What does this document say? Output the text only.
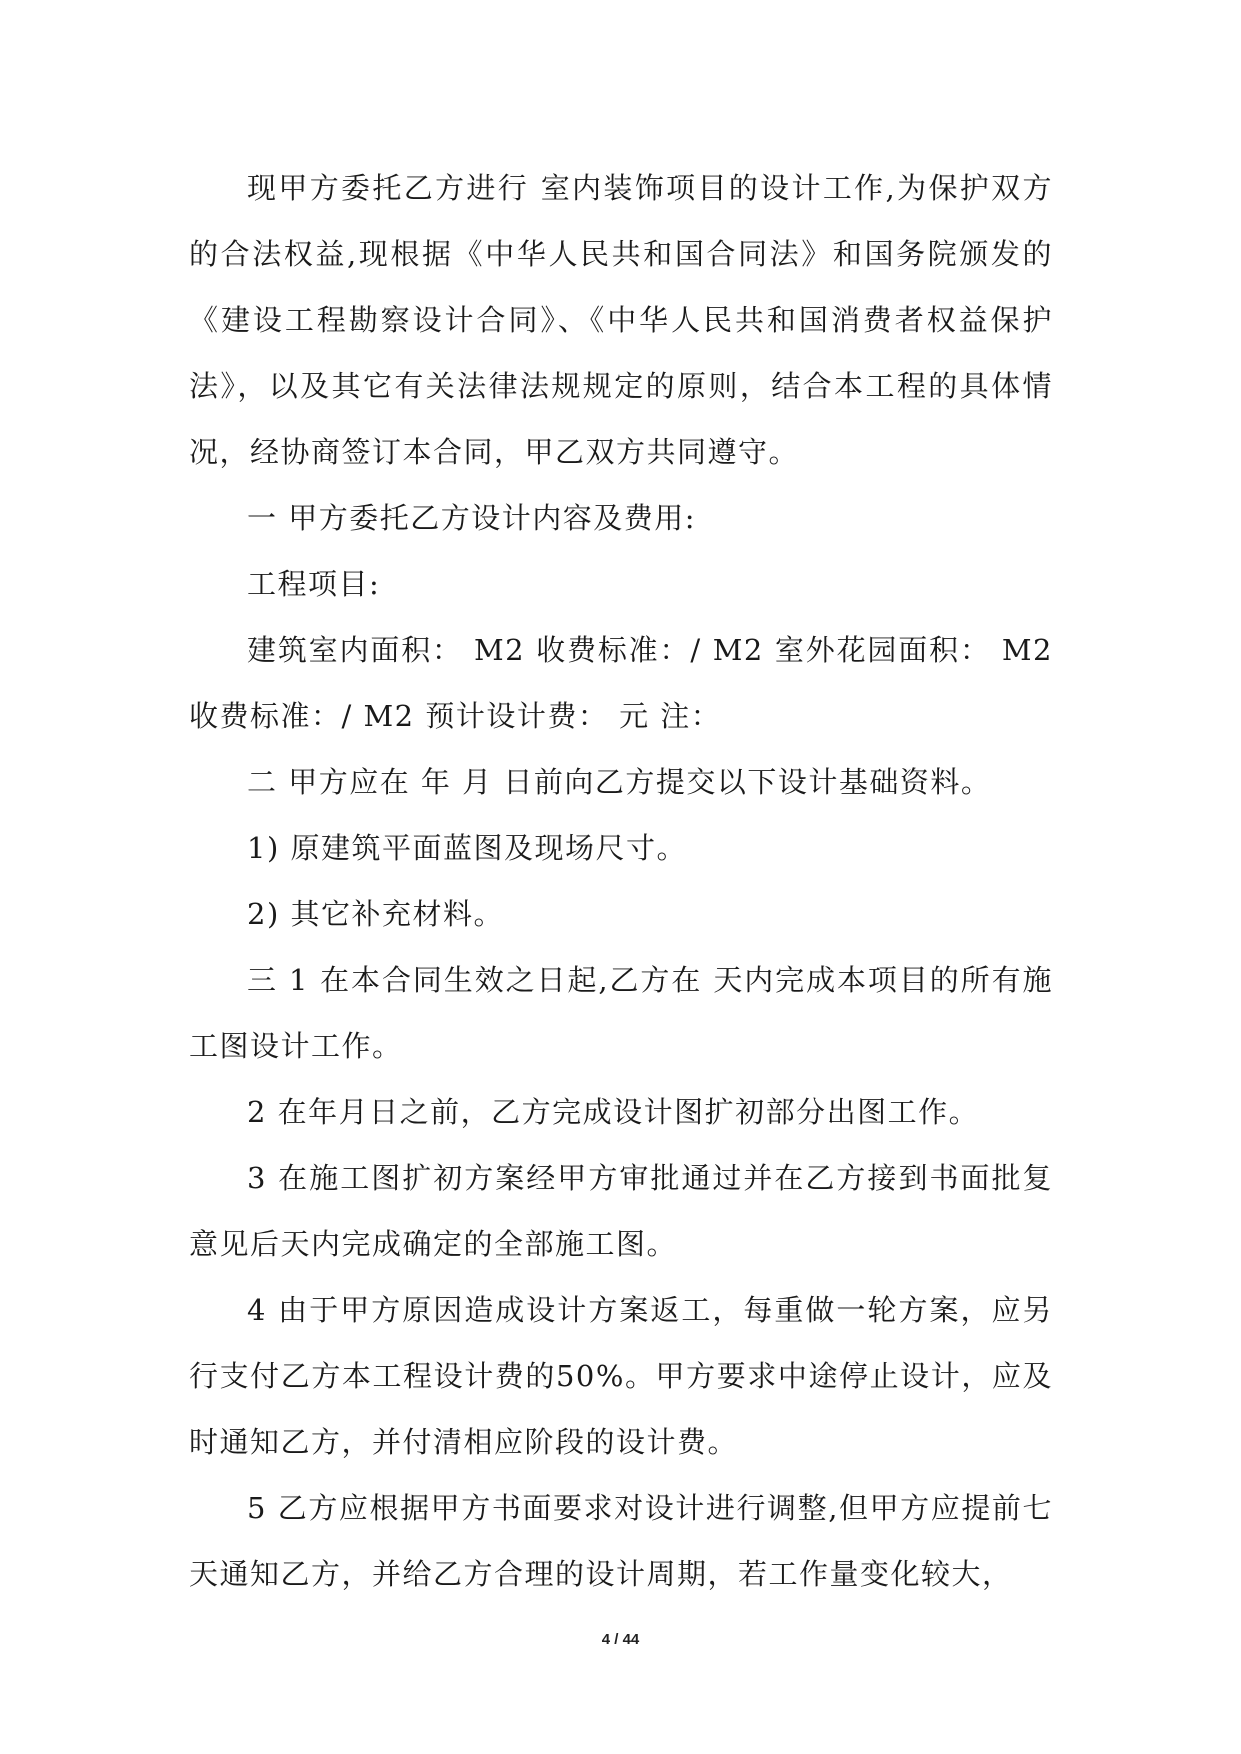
现甲方委托乙方进行 室内装饰项目的设计工作,为保护双方的合法权益,现根据《中华人民共和国合同法》和国务院颁发的《建设工程勘察设计合同》、《中华人民共和国消费者权益保护法》，以及其它有关法律法规规定的原则，结合本工程的具体情况，经协商签订本合同，甲乙双方共同遵守。

一 甲方委托乙方设计内容及费用:

工程项目:

建筑室内面积： M2 收费标准：/ M2 室外花园面积： M2 收费标准：/ M2 预计设计费： 元 注：

二 甲方应在 年 月 日前向乙方提交以下设计基础资料。

1) 原建筑平面蓝图及现场尺寸。

2) 其它补充材料。

三 1 在本合同生效之日起,乙方在 天内完成本项目的所有施工图设计工作。

2 在年月日之前，乙方完成设计图扩初部分出图工作。

3 在施工图扩初方案经甲方审批通过并在乙方接到书面批复意见后天内完成确定的全部施工图。

4 由于甲方原因造成设计方案返工，每重做一轮方案，应另行支付乙方本工程设计费的50%。甲方要求中途停止设计，应及时通知乙方，并付清相应阶段的设计费。

5 乙方应根据甲方书面要求对设计进行调整,但甲方应提前七天通知乙方，并给乙方合理的设计周期，若工作量变化较大，

4 / 44
